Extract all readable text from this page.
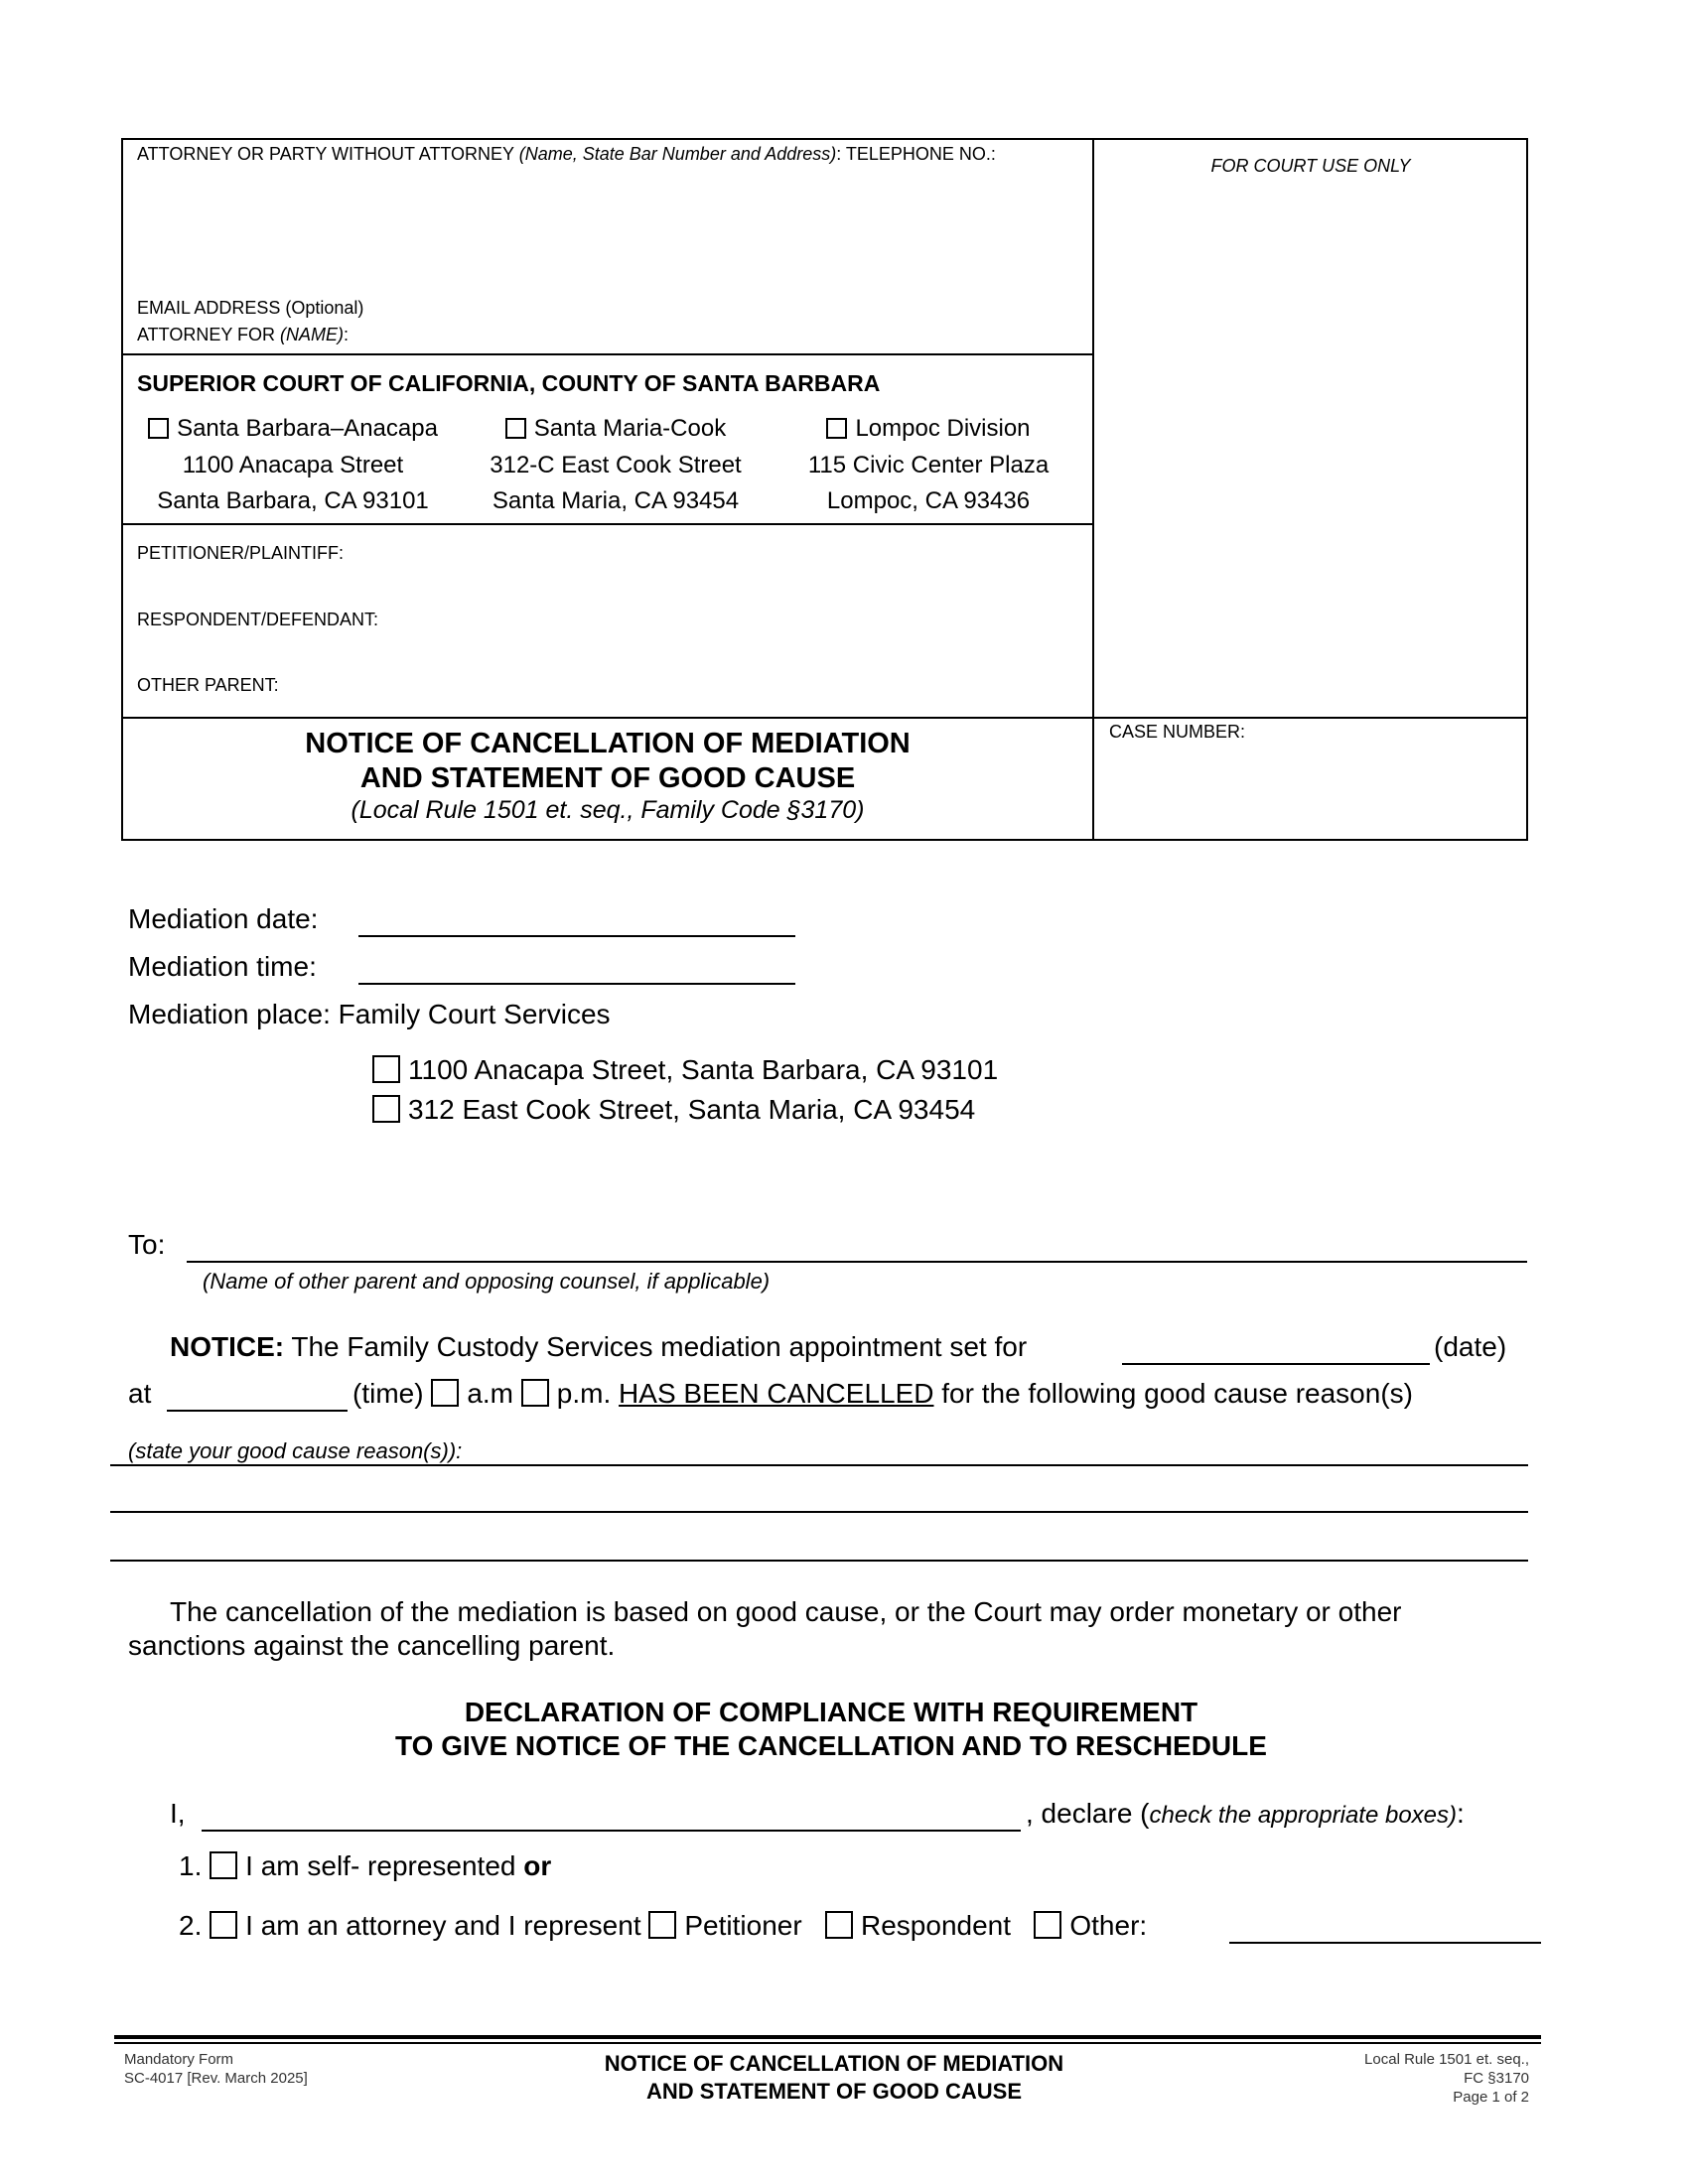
ATTORNEY OR PARTY WITHOUT ATTORNEY (Name, State Bar Number and Address): TELEPHONE NO.:
FOR COURT USE ONLY
EMAIL ADDRESS (Optional)
ATTORNEY FOR (NAME):
SUPERIOR COURT OF CALIFORNIA, COUNTY OF SANTA BARBARA
Santa Barbara–Anacapa
1100 Anacapa Street
Santa Barbara, CA 93101
Santa Maria-Cook
312-C East Cook Street
Santa Maria, CA 93454
Lompoc Division
115 Civic Center Plaza
Lompoc, CA 93436
PETITIONER/PLAINTIFF:
RESPONDENT/DEFENDANT:
OTHER PARENT:
NOTICE OF CANCELLATION OF MEDIATION
AND STATEMENT OF GOOD CAUSE
(Local Rule 1501 et. seq., Family Code §3170)
CASE NUMBER:
Mediation date:
Mediation time:
Mediation place: Family Court Services
1100 Anacapa Street, Santa Barbara, CA 93101
312 East Cook Street, Santa Maria, CA 93454
To:
(Name of other parent and opposing counsel, if applicable)
NOTICE: The Family Custody Services mediation appointment set for	(date)
at	(time) a.m p.m. HAS BEEN CANCELLED for the following good cause reason(s)
(state your good cause reason(s)):
The cancellation of the mediation is based on good cause, or the Court may order monetary or other
sanctions against the cancelling parent.
DECLARATION OF COMPLIANCE WITH REQUIREMENT
TO GIVE NOTICE OF THE CANCELLATION AND TO RESCHEDULE
I,	, declare (check the appropriate boxes):
1. I am self- represented or
2. I am an attorney and I represent Petitioner Respondent Other:
Mandatory Form
SC-4017 [Rev. March 2025]
NOTICE OF CANCELLATION OF MEDIATION
AND STATEMENT OF GOOD CAUSE
Local Rule 1501 et. seq.,
FC §3170
Page 1 of 2
